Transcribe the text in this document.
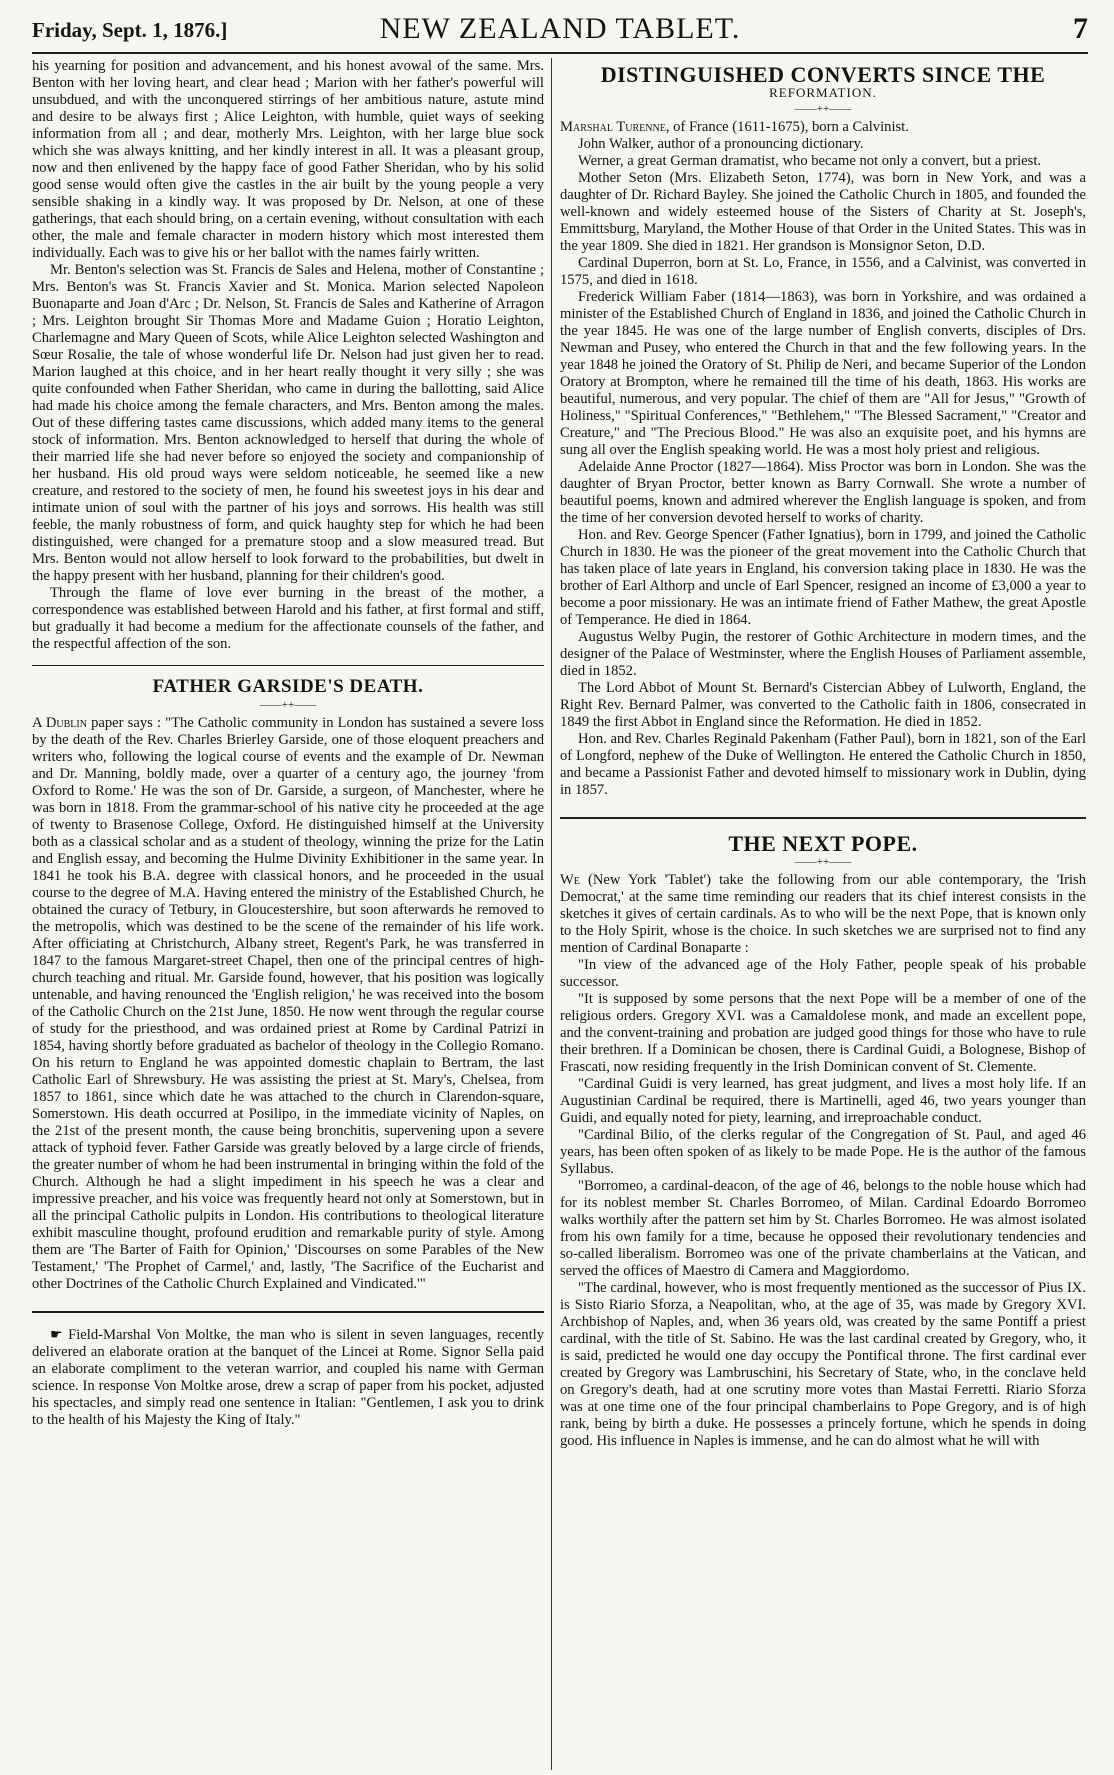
Friday, Sept. 1, 1876.]	NEW ZEALAND TABLET.	7

his yearning for position and advancement, and his honest avowal of the same. Mrs. Benton with her loving heart, and clear head ; Marion with her father's powerful will unsubdued, and with the unconquered stirrings of her ambitious nature, astute mind and desire to be always first ; Alice Leighton, with humble, quiet ways of seeking information from all ; and dear, motherly Mrs. Leighton, with her large blue sock which she was always knitting, and her kindly interest in all. It was a pleasant group, now and then enlivened by the happy face of good Father Sheridan, who by his solid good sense would often give the castles in the air built by the young people a very sensible shaking in a kindly way. It was proposed by Dr. Nelson, at one of these gatherings, that each should bring, on a certain evening, without consultation with each other, the male and female character in modern history which most interested them individually. Each was to give his or her ballot with the names fairly written.

Mr. Benton's selection was St. Francis de Sales and Helena, mother of Constantine ; Mrs. Benton's was St. Francis Xavier and St. Monica. Marion selected Napoleon Buonaparte and Joan d'Arc ; Dr. Nelson, St. Francis de Sales and Katherine of Arragon ; Mrs. Leighton brought Sir Thomas More and Madame Guion ; Horatio Leighton, Charlemagne and Mary Queen of Scots, while Alice Leighton selected Washington and Sœur Rosalie, the tale of whose wonderful life Dr. Nelson had just given her to read. Marion laughed at this choice, and in her heart really thought it very silly ; she was quite confounded when Father Sheridan, who came in during the ballotting, said Alice had made his choice among the female characters, and Mrs. Benton among the males. Out of these differing tastes came discussions, which added many items to the general stock of information. Mrs. Benton acknowledged to herself that during the whole of their married life she had never before so enjoyed the society and companionship of her husband. His old proud ways were seldom noticeable, he seemed like a new creature, and restored to the society of men, he found his sweetest joys in his dear and intimate union of soul with the partner of his joys and sorrows. His health was still feeble, the manly robustness of form, and quick haughty step for which he had been distinguished, were changed for a premature stoop and a slow measured tread. But Mrs. Benton would not allow herself to look forward to the probabilities, but dwelt in the happy present with her husband, planning for their children's good.

Through the flame of love ever burning in the breast of the mother, a correspondence was established between Harold and his father, at first formal and stiff, but gradually it had become a medium for the affectionate counsels of the father, and the respectful affection of the son.

FATHER GARSIDE'S DEATH.
——++——

A Dublin paper says : "The Catholic community in London has sustained a severe loss by the death of the Rev. Charles Brierley Garside, one of those eloquent preachers and writers who, following the logical course of events and the example of Dr. Newman and Dr. Manning, boldly made, over a quarter of a century ago, the journey 'from Oxford to Rome.' He was the son of Dr. Garside, a surgeon, of Manchester, where he was born in 1818. From the grammar-school of his native city he proceeded at the age of twenty to Brasenose College, Oxford. He distinguished himself at the University both as a classical scholar and as a student of theology, winning the prize for the Latin and English essay, and becoming the Hulme Divinity Exhibitioner in the same year. In 1841 he took his B.A. degree with classical honors, and he proceeded in the usual course to the degree of M.A. Having entered the ministry of the Established Church, he obtained the curacy of Tetbury, in Gloucestershire, but soon afterwards he removed to the metropolis, which was destined to be the scene of the remainder of his life work. After officiating at Christchurch, Albany street, Regent's Park, he was transferred in 1847 to the famous Margaret-street Chapel, then one of the principal centres of high-church teaching and ritual. Mr. Garside found, however, that his position was logically untenable, and having renounced the 'English religion,' he was received into the bosom of the Catholic Church on the 21st June, 1850. He now went through the regular course of study for the priesthood, and was ordained priest at Rome by Cardinal Patrizi in 1854, having shortly before graduated as bachelor of theology in the Collegio Romano. On his return to England he was appointed domestic chaplain to Bertram, the last Catholic Earl of Shrewsbury. He was assisting the priest at St. Mary's, Chelsea, from 1857 to 1861, since which date he was attached to the church in Clarendon-square, Somerstown. His death occurred at Posilipo, in the immediate vicinity of Naples, on the 21st of the present month, the cause being bronchitis, supervening upon a severe attack of typhoid fever. Father Garside was greatly beloved by a large circle of friends, the greater number of whom he had been instrumental in bringing within the fold of the Church. Although he had a slight impediment in his speech he was a clear and impressive preacher, and his voice was frequently heard not only at Somerstown, but in all the principal Catholic pulpits in London. His contributions to theological literature exhibit masculine thought, profound erudition and remarkable purity of style. Among them are 'The Barter of Faith for Opinion,' 'Discourses on some Parables of the New Testament,' 'The Prophet of Carmel,' and, lastly, 'The Sacrifice of the Eucharist and other Doctrines of the Catholic Church Explained and Vindicated.'"

☛ Field-Marshal Von Moltke, the man who is silent in seven languages, recently delivered an elaborate oration at the banquet of the Lincei at Rome. Signor Sella paid an elaborate compliment to the veteran warrior, and coupled his name with German science. In response Von Moltke arose, drew a scrap of paper from his pocket, adjusted his spectacles, and simply read one sentence in Italian: "Gentlemen, I ask you to drink to the health of his Majesty the King of Italy."

DISTINGUISHED CONVERTS SINCE THE
REFORMATION.
——++——

Marshal Turenne, of France (1611-1675), born a Calvinist.

John Walker, author of a pronouncing dictionary.

Werner, a great German dramatist, who became not only a convert, but a priest.

Mother Seton (Mrs. Elizabeth Seton, 1774), was born in New York, and was a daughter of Dr. Richard Bayley. She joined the Catholic Church in 1805, and founded the well-known and widely esteemed house of the Sisters of Charity at St. Joseph's, Emmittsburg, Maryland, the Mother House of that Order in the United States. This was in the year 1809. She died in 1821. Her grandson is Monsignor Seton, D.D.

Cardinal Duperron, born at St. Lo, France, in 1556, and a Calvinist, was converted in 1575, and died in 1618.

Frederick William Faber (1814—1863), was born in Yorkshire, and was ordained a minister of the Established Church of England in 1836, and joined the Catholic Church in the year 1845. He was one of the large number of English converts, disciples of Drs. Newman and Pusey, who entered the Church in that and the few following years. In the year 1848 he joined the Oratory of St. Philip de Neri, and became Superior of the London Oratory at Brompton, where he remained till the time of his death, 1863. His works are beautiful, numerous, and very popular. The chief of them are "All for Jesus," "Growth of Holiness," "Spiritual Conferences," "Bethlehem," "The Blessed Sacrament," "Creator and Creature," and "The Precious Blood." He was also an exquisite poet, and his hymns are sung all over the English speaking world. He was a most holy priest and religious.

Adelaide Anne Proctor (1827—1864). Miss Proctor was born in London. She was the daughter of Bryan Proctor, better known as Barry Cornwall. She wrote a number of beautiful poems, known and admired wherever the English language is spoken, and from the time of her conversion devoted herself to works of charity.

Hon. and Rev. George Spencer (Father Ignatius), born in 1799, and joined the Catholic Church in 1830. He was the pioneer of the great movement into the Catholic Church that has taken place of late years in England, his conversion taking place in 1830. He was the brother of Earl Althorp and uncle of Earl Spencer, resigned an income of £3,000 a year to become a poor missionary. He was an intimate friend of Father Mathew, the great Apostle of Temperance. He died in 1864.

Augustus Welby Pugin, the restorer of Gothic Architecture in modern times, and the designer of the Palace of Westminster, where the English Houses of Parliament assemble, died in 1852.

The Lord Abbot of Mount St. Bernard's Cistercian Abbey of Lulworth, England, the Right Rev. Bernard Palmer, was converted to the Catholic faith in 1806, consecrated in 1849 the first Abbot in England since the Reformation. He died in 1852.

Hon. and Rev. Charles Reginald Pakenham (Father Paul), born in 1821, son of the Earl of Longford, nephew of the Duke of Wellington. He entered the Catholic Church in 1850, and became a Passionist Father and devoted himself to missionary work in Dublin, dying in 1857.

THE NEXT POPE.
——++——

We (New York 'Tablet') take the following from our able contemporary, the 'Irish Democrat,' at the same time reminding our readers that its chief interest consists in the sketches it gives of certain cardinals. As to who will be the next Pope, that is known only to the Holy Spirit, whose is the choice. In such sketches we are surprised not to find any mention of Cardinal Bonaparte :

"In view of the advanced age of the Holy Father, people speak of his probable successor.

"It is supposed by some persons that the next Pope will be a member of one of the religious orders. Gregory XVI. was a Camaldolese monk, and made an excellent pope, and the convent-training and probation are judged good things for those who have to rule their brethren. If a Dominican be chosen, there is Cardinal Guidi, a Bolognese, Bishop of Frascati, now residing frequently in the Irish Dominican convent of St. Clemente.

"Cardinal Guidi is very learned, has great judgment, and lives a most holy life. If an Augustinian Cardinal be required, there is Martinelli, aged 46, two years younger than Guidi, and equally noted for piety, learning, and irreproachable conduct.

"Cardinal Bilio, of the clerks regular of the Congregation of St. Paul, and aged 46 years, has been often spoken of as likely to be made Pope. He is the author of the famous Syllabus.

"Borromeo, a cardinal-deacon, of the age of 46, belongs to the noble house which had for its noblest member St. Charles Borromeo, of Milan. Cardinal Edoardo Borromeo walks worthily after the pattern set him by St. Charles Borromeo. He was almost isolated from his own family for a time, because he opposed their revolutionary tendencies and so-called liberalism. Borromeo was one of the private chamberlains at the Vatican, and served the offices of Maestro di Camera and Maggiordomo.

"The cardinal, however, who is most frequently mentioned as the successor of Pius IX. is Sisto Riario Sforza, a Neapolitan, who, at the age of 35, was made by Gregory XVI. Archbishop of Naples, and, when 36 years old, was created by the same Pontiff a priest cardinal, with the title of St. Sabino. He was the last cardinal created by Gregory, who, it is said, predicted he would one day occupy the Pontifical throne. The first cardinal ever created by Gregory was Lambruschini, his Secretary of State, who, in the conclave held on Gregory's death, had at one scrutiny more votes than Mastai Ferretti. Riario Sforza was at one time one of the four principal chamberlains to Pope Gregory, and is of high rank, being by birth a duke. He possesses a princely fortune, which he spends in doing good. His influence in Naples is immense, and he can do almost what he will with
